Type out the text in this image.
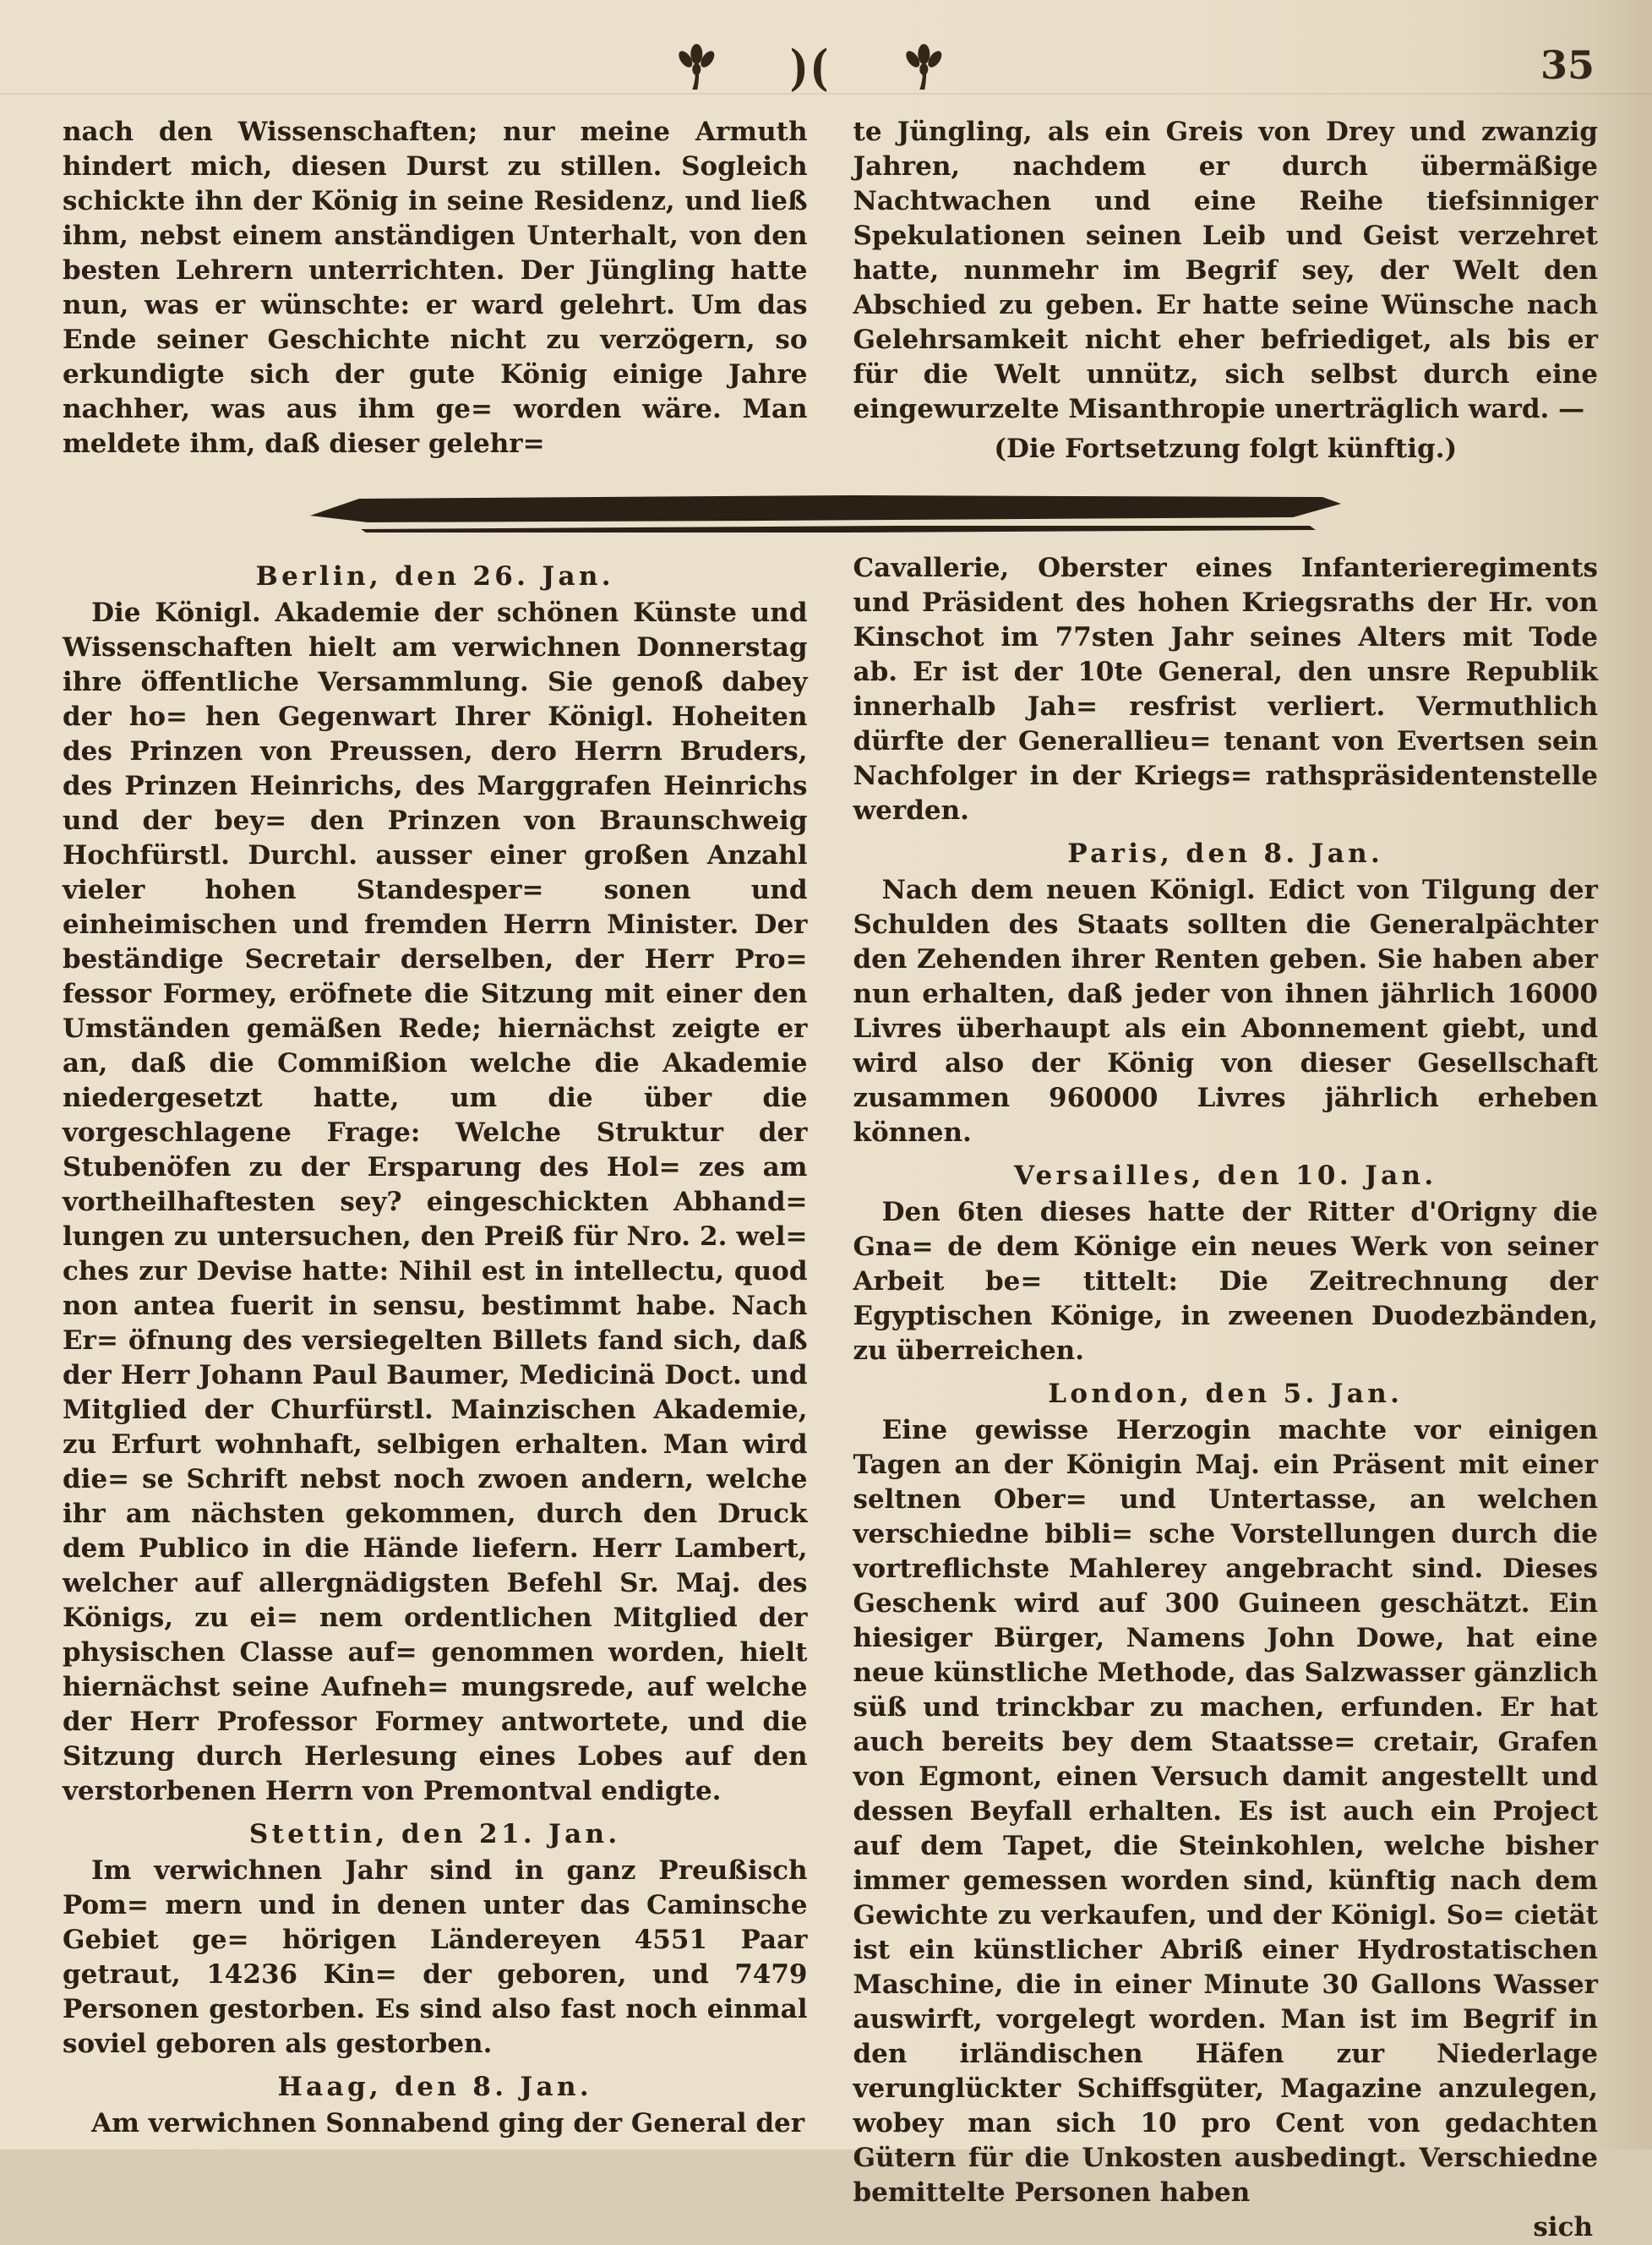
)(	35

nach den Wissenschaften; nur meine Armuth hindert mich, diesen Durst zu stillen. Sogleich schickte ihn der König in seine Residenz, und ließ ihm, nebst einem anständigen Unterhalt, von den besten Lehrern unterrichten. Der Jüngling hatte nun, was er wünschte: er ward gelehrt. Um das Ende seiner Geschichte nicht zu verzögern, so erkundigte sich der gute König einige Jahre nachher, was aus ihm ge= worden wäre. Man meldete ihm, daß dieser gelehr=

te Jüngling, als ein Greis von Drey und zwanzig Jahren, nachdem er durch übermäßige Nachtwachen und eine Reihe tiefsinniger Spekulationen seinen Leib und Geist verzehret hatte, nunmehr im Begrif sey, der Welt den Abschied zu geben. Er hatte seine Wünsche nach Gelehrsamkeit nicht eher befriediget, als bis er für die Welt unnütz, sich selbst durch eine eingewurzelte Misanthropie unerträglich ward. —

(Die Fortsetzung folgt künftig.)

Berlin, den 26. Jan.

Die Königl. Akademie der schönen Künste und Wissenschaften hielt am verwichnen Donnerstag ihre öffentliche Versammlung. Sie genoß dabey der ho= hen Gegenwart Ihrer Königl. Hoheiten des Prinzen von Preussen, dero Herrn Bruders, des Prinzen Heinrichs, des Marggrafen Heinrichs und der bey= den Prinzen von Braunschweig Hochfürstl. Durchl. ausser einer großen Anzahl vieler hohen Standesper= sonen und einheimischen und fremden Herrn Minister. Der beständige Secretair derselben, der Herr Pro= fessor Formey, eröfnete die Sitzung mit einer den Umständen gemäßen Rede; hiernächst zeigte er an, daß die Commißion welche die Akademie niedergesetzt hatte, um die über die vorgeschlagene Frage: Welche Struktur der Stubenöfen zu der Ersparung des Hol= zes am vortheilhaftesten sey? eingeschickten Abhand= lungen zu untersuchen, den Preiß für Nro. 2. wel= ches zur Devise hatte: Nihil est in intellectu, quod non antea fuerit in sensu, bestimmt habe. Nach Er= öfnung des versiegelten Billets fand sich, daß der Herr Johann Paul Baumer, Medicinä Doct. und Mitglied der Churfürstl. Mainzischen Akademie, zu Erfurt wohnhaft, selbigen erhalten. Man wird die= se Schrift nebst noch zwoen andern, welche ihr am nächsten gekommen, durch den Druck dem Publico in die Hände liefern. Herr Lambert, welcher auf allergnädigsten Befehl Sr. Maj. des Königs, zu ei= nem ordentlichen Mitglied der physischen Classe auf= genommen worden, hielt hiernächst seine Aufneh= mungsrede, auf welche der Herr Professor Formey antwortete, und die Sitzung durch Herlesung eines Lobes auf den verstorbenen Herrn von Premontval endigte.

Stettin, den 21. Jan.

Im verwichnen Jahr sind in ganz Preußisch Pom= mern und in denen unter das Caminsche Gebiet ge= hörigen Ländereyen 4551 Paar getraut, 14236 Kin= der geboren, und 7479 Personen gestorben. Es sind also fast noch einmal soviel geboren als gestorben.

Haag, den 8. Jan.

Am verwichnen Sonnabend ging der General der

Cavallerie, Oberster eines Infanterieregiments und Präsident des hohen Kriegsraths der Hr. von Kinschot im 77sten Jahr seines Alters mit Tode ab. Er ist der 10te General, den unsre Republik innerhalb Jah= resfrist verliert. Vermuthlich dürfte der Generallieu= tenant von Evertsen sein Nachfolger in der Kriegs= rathspräsidentenstelle werden.

Paris, den 8. Jan.

Nach dem neuen Königl. Edict von Tilgung der Schulden des Staats sollten die Generalpächter den Zehenden ihrer Renten geben. Sie haben aber nun erhalten, daß jeder von ihnen jährlich 16000 Livres überhaupt als ein Abonnement giebt, und wird also der König von dieser Gesellschaft zusammen 960000 Livres jährlich erheben können.

Versailles, den 10. Jan.

Den 6ten dieses hatte der Ritter d'Origny die Gna= de dem Könige ein neues Werk von seiner Arbeit be= tittelt: Die Zeitrechnung der Egyptischen Könige, in zweenen Duodezbänden, zu überreichen.

London, den 5. Jan.

Eine gewisse Herzogin machte vor einigen Tagen an der Königin Maj. ein Präsent mit einer seltnen Ober= und Untertasse, an welchen verschiedne bibli= sche Vorstellungen durch die vortreflichste Mahlerey angebracht sind. Dieses Geschenk wird auf 300 Guineen geschätzt. Ein hiesiger Bürger, Namens John Dowe, hat eine neue künstliche Methode, das Salzwasser gänzlich süß und trinckbar zu machen, erfunden. Er hat auch bereits bey dem Staatsse= cretair, Grafen von Egmont, einen Versuch damit angestellt und dessen Beyfall erhalten. Es ist auch ein Project auf dem Tapet, die Steinkohlen, welche bisher immer gemessen worden sind, künftig nach dem Gewichte zu verkaufen, und der Königl. So= cietät ist ein künstlicher Abriß einer Hydrostatischen Maschine, die in einer Minute 30 Gallons Wasser auswirft, vorgelegt worden. Man ist im Begrif in den irländischen Häfen zur Niederlage verunglückter Schiffsgüter, Magazine anzulegen, wobey man sich 10 pro Cent von gedachten Gütern für die Unkosten ausbedingt. Verschiedne bemittelte Personen haben

sich
